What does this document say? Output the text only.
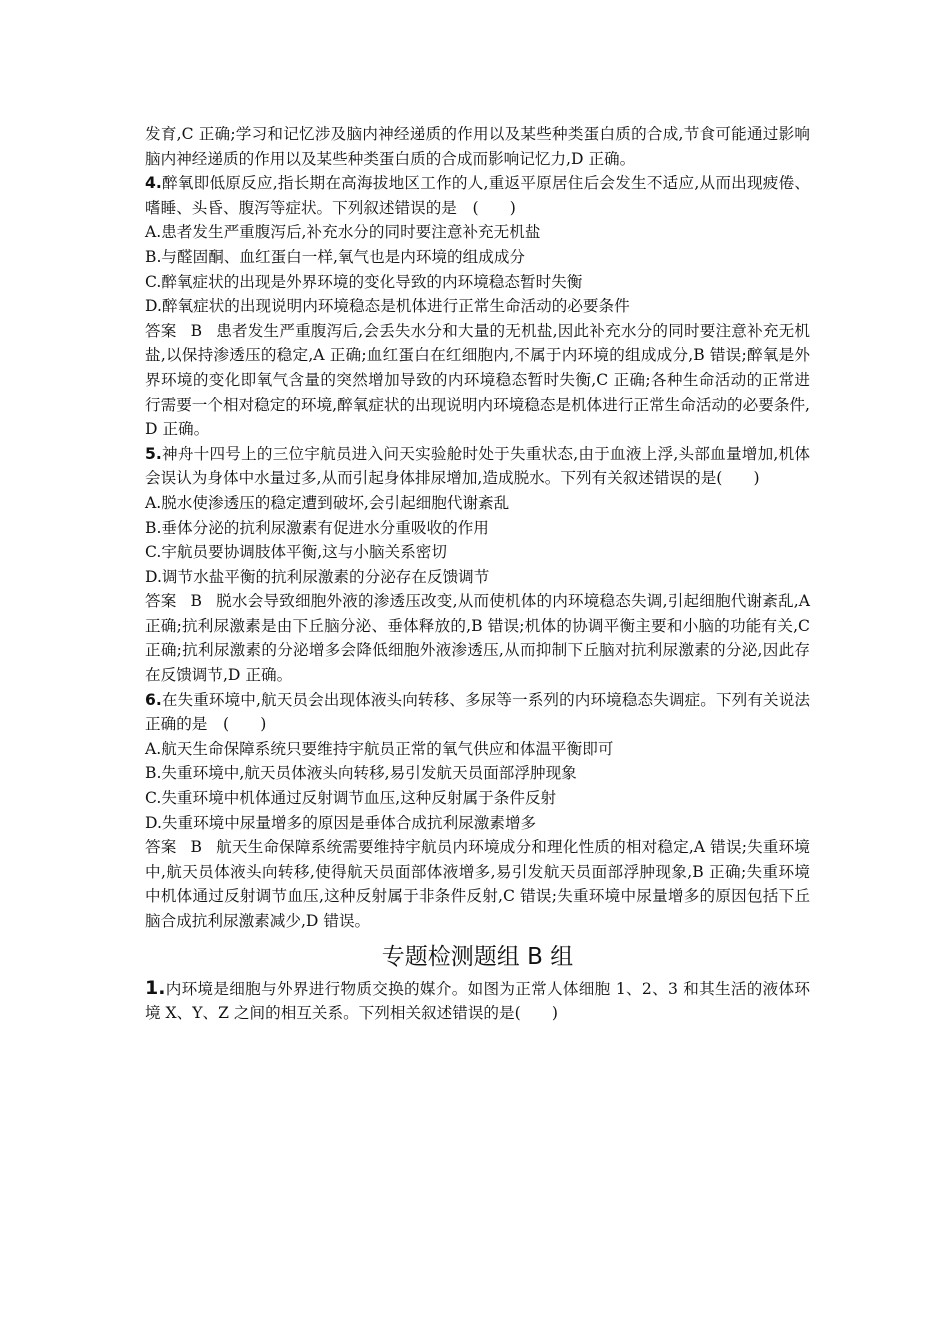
发育,C 正确;学习和记忆涉及脑内神经递质的作用以及某些种类蛋白质的合成,节食可能通过影响脑内神经递质的作用以及某些种类蛋白质的合成而影响记忆力,D 正确。

4.醉氧即低原反应,指长期在高海拔地区工作的人,重返平原居住后会发生不适应,从而出现疲倦、嗜睡、头昏、腹泻等症状。下列叙述错误的是　(　　)

A.患者发生严重腹泻后,补充水分的同时要注意补充无机盐

B.与醛固酮、血红蛋白一样,氧气也是内环境的组成成分

C.醉氧症状的出现是外界环境的变化导致的内环境稳态暂时失衡

D.醉氧症状的出现说明内环境稳态是机体进行正常生命活动的必要条件

答案 B 患者发生严重腹泻后,会丢失水分和大量的无机盐,因此补充水分的同时要注意补充无机盐,以保持渗透压的稳定,A 正确;血红蛋白在红细胞内,不属于内环境的组成成分,B 错误;醉氧是外界环境的变化即氧气含量的突然增加导致的内环境稳态暂时失衡,C 正确;各种生命活动的正常进行需要一个相对稳定的环境,醉氧症状的出现说明内环境稳态是机体进行正常生命活动的必要条件,D 正确。

5.神舟十四号上的三位宇航员进入问天实验舱时处于失重状态,由于血液上浮,头部血量增加,机体会误认为身体中水量过多,从而引起身体排尿增加,造成脱水。下列有关叙述错误的是(　　)

A.脱水使渗透压的稳定遭到破坏,会引起细胞代谢紊乱

B.垂体分泌的抗利尿激素有促进水分重吸收的作用

C.宇航员要协调肢体平衡,这与小脑关系密切

D.调节水盐平衡的抗利尿激素的分泌存在反馈调节

答案 B 脱水会导致细胞外液的渗透压改变,从而使机体的内环境稳态失调,引起细胞代谢紊乱,A 正确;抗利尿激素是由下丘脑分泌、垂体释放的,B 错误;机体的协调平衡主要和小脑的功能有关,C 正确;抗利尿激素的分泌增多会降低细胞外液渗透压,从而抑制下丘脑对抗利尿激素的分泌,因此存在反馈调节,D 正确。

6.在失重环境中,航天员会出现体液头向转移、多尿等一系列的内环境稳态失调症。下列有关说法正确的是　(　　)

A.航天生命保障系统只要维持宇航员正常的氧气供应和体温平衡即可

B.失重环境中,航天员体液头向转移,易引发航天员面部浮肿现象

C.失重环境中机体通过反射调节血压,这种反射属于条件反射

D.失重环境中尿量增多的原因是垂体合成抗利尿激素增多

答案 B 航天生命保障系统需要维持宇航员内环境成分和理化性质的相对稳定,A 错误;失重环境中,航天员体液头向转移,使得航天员面部体液增多,易引发航天员面部浮肿现象,B 正确;失重环境中机体通过反射调节血压,这种反射属于非条件反射,C 错误;失重环境中尿量增多的原因包括下丘脑合成抗利尿激素减少,D 错误。

专题检测题组 B 组

1.内环境是细胞与外界进行物质交换的媒介。如图为正常人体细胞 1、2、3 和其生活的液体环境 X、Y、Z 之间的相互关系。下列相关叙述错误的是(　　)
